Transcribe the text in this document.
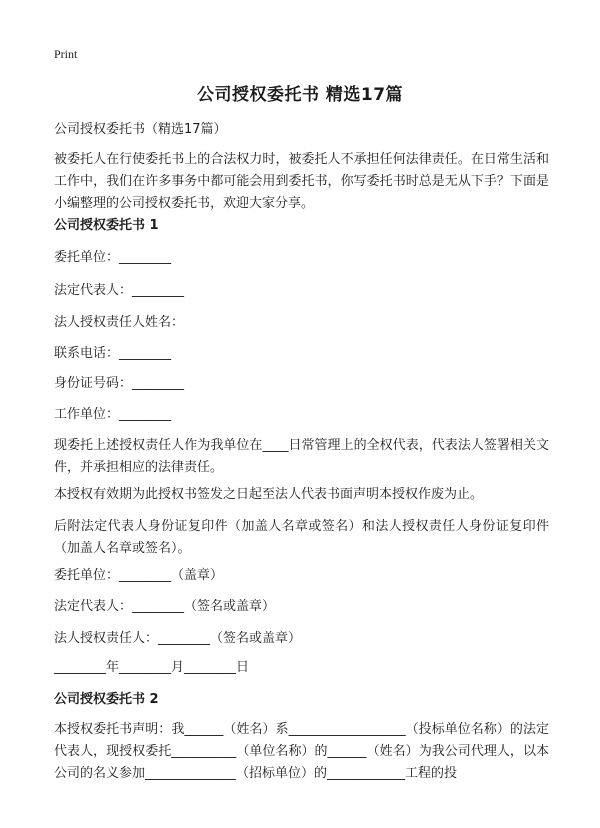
Print
公司授权委托书 精选17篇
公司授权委托书（精选17篇）
被委托人在行使委托书上的合法权力时，被委托人不承担任何法律责任。在日常生活和工作中，我们在许多事务中都可能会用到委托书，你写委托书时总是无从下手？下面是小编整理的公司授权委托书，欢迎大家分享。
公司授权委托书 1
委托单位：________
法定代表人：________
法人授权责任人姓名：
联系电话：________
身份证号码：________
工作单位：________
现委托上述授权责任人作为我单位在____日常管理上的全权代表，代表法人签署相关文件，并承担相应的法律责任。
本授权有效期为此授权书签发之日起至法人代表书面声明本授权作废为止。
后附法定代表人身份证复印件（加盖人名章或签名）和法人授权责任人身份证复印件（加盖人名章或签名）。
委托单位：________（盖章）
法定代表人：________（签名或盖章）
法人授权责任人：________（签名或盖章）
________年________月________日
公司授权委托书 2
本授权委托书声明：我______（姓名）系__________________（投标单位名称）的法定代表人，现授权委托__________（单位名称）的______（姓名）为我公司代理人，以本公司的名义参加______________（招标单位）的____________工程的投
